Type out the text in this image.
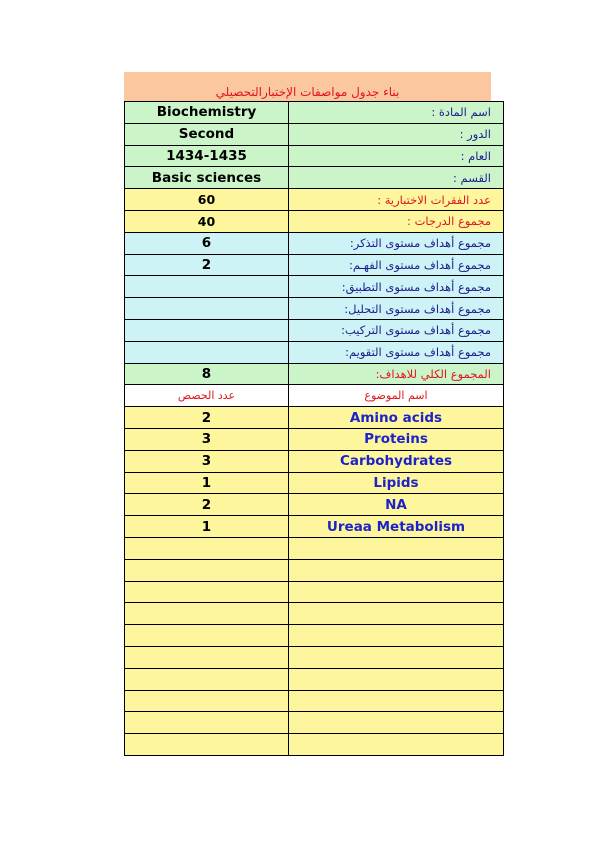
بناء جدول مواصفات الإختبارالتحصيلي
Biochemistry	اسم المادة :
Second	الدور :
1434-1435	العام :
Basic sciences	القسم :
60	عدد الفقرات الاختبارية :
40	مجموع الدرجات :
6	مجموع أهداف مستوى التذكر:
2	مجموع أهداف مستوى الفهـم:
	مجموع أهداف مستوى التطبيق:
	مجموع أهداف مستوى التحليل:
	مجموع أهداف مستوى التركيب:
	مجموع أهداف مستوى التقويم:
8	المجموع الكلي للاهداف:
عدد الحصص	اسم الموضوع
2	Amino acids
3	Proteins
3	Carbohydrates
1	Lipids
2	NA
1	Ureaa Metabolism
